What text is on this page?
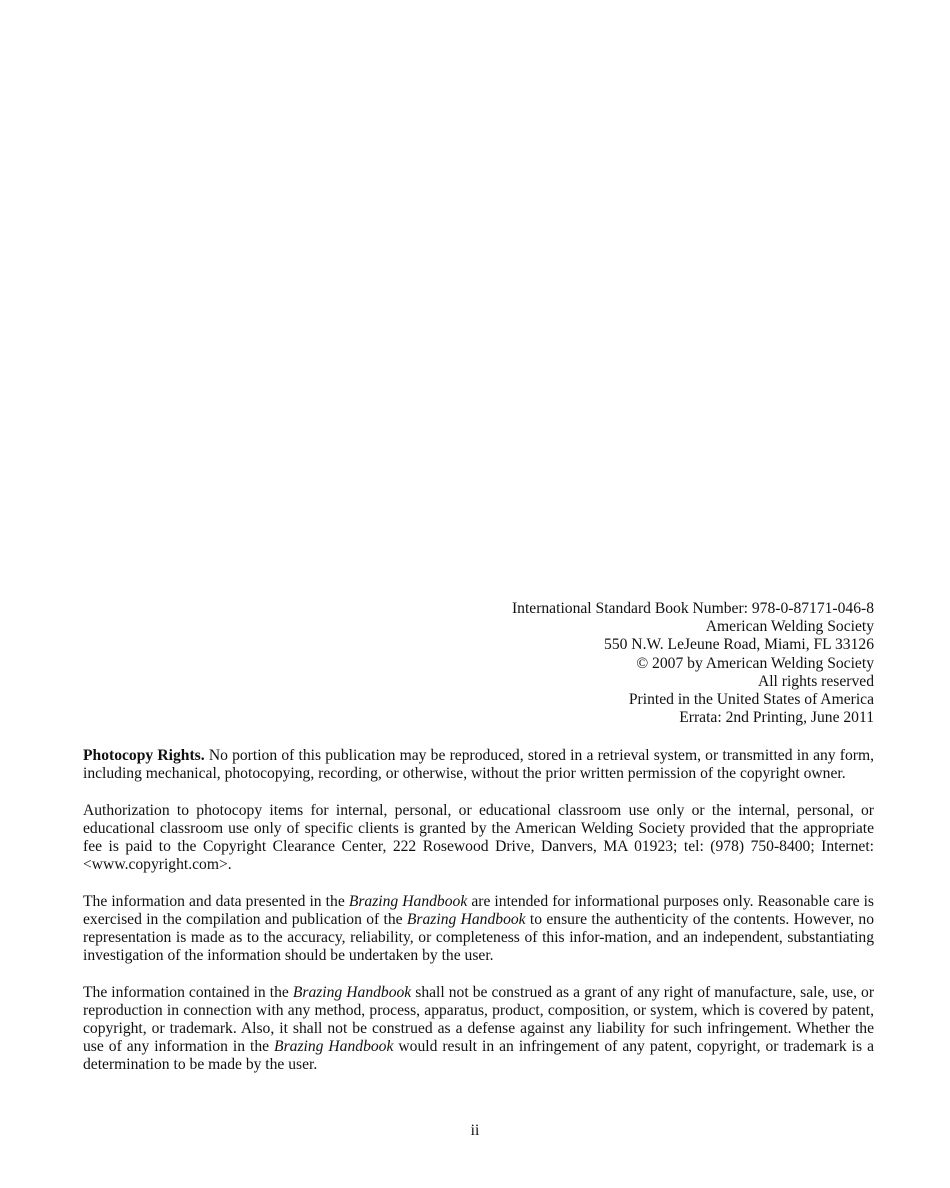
International Standard Book Number: 978-0-87171-046-8
American Welding Society
550 N.W. LeJeune Road, Miami, FL 33126
© 2007 by American Welding Society
All rights reserved
Printed in the United States of America
Errata: 2nd Printing, June 2011

Photocopy Rights. No portion of this publication may be reproduced, stored in a retrieval system, or transmitted in any form, including mechanical, photocopying, recording, or otherwise, without the prior written permission of the copyright owner.

Authorization to photocopy items for internal, personal, or educational classroom use only or the internal, personal, or educational classroom use only of specific clients is granted by the American Welding Society provided that the appropriate fee is paid to the Copyright Clearance Center, 222 Rosewood Drive, Danvers, MA 01923; tel: (978) 750-8400; Internet: <www.copyright.com>.

The information and data presented in the Brazing Handbook are intended for informational purposes only. Reasonable care is exercised in the compilation and publication of the Brazing Handbook to ensure the authenticity of the contents. However, no representation is made as to the accuracy, reliability, or completeness of this infor-mation, and an independent, substantiating investigation of the information should be undertaken by the user.

The information contained in the Brazing Handbook shall not be construed as a grant of any right of manufacture, sale, use, or reproduction in connection with any method, process, apparatus, product, composition, or system, which is covered by patent, copyright, or trademark. Also, it shall not be construed as a defense against any liability for such infringement. Whether the use of any information in the Brazing Handbook would result in an infringement of any patent, copyright, or trademark is a determination to be made by the user.

ii
